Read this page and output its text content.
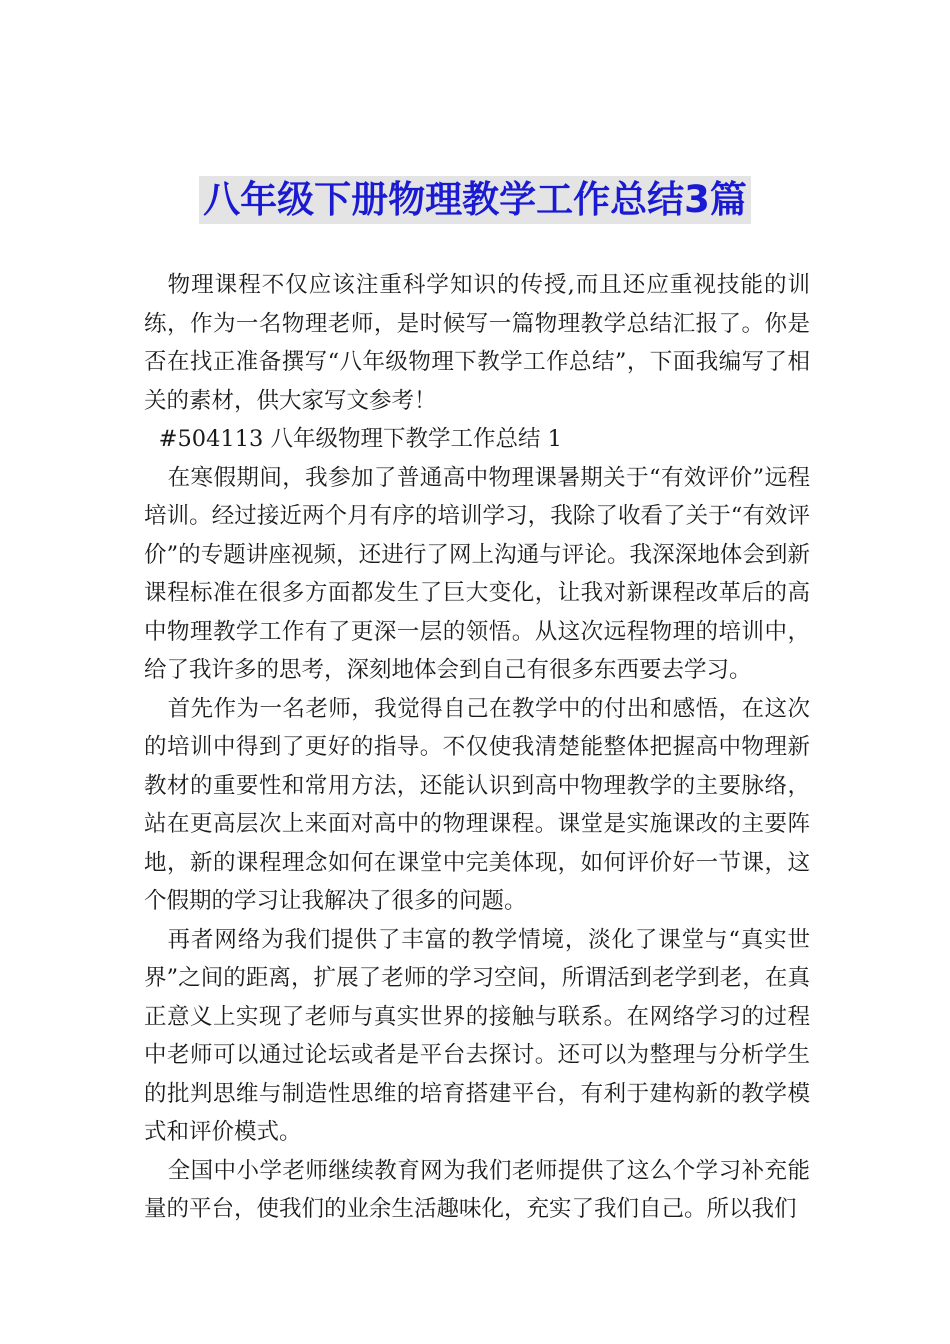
八年级下册物理教学工作总结3篇

物理课程不仅应该注重科学知识的传授,而且还应重视技能的训练，作为一名物理老师，是时候写一篇物理教学总结汇报了。你是否在找正准备撰写“八年级物理下教学工作总结”，下面我编写了相关的素材，供大家写文参考！

#504113 八年级物理下教学工作总结 1

在寒假期间，我参加了普通高中物理课暑期关于“有效评价”远程培训。经过接近两个月有序的培训学习，我除了收看了关于“有效评价”的专题讲座视频，还进行了网上沟通与评论。我深深地体会到新课程标准在很多方面都发生了巨大变化，让我对新课程改革后的高中物理教学工作有了更深一层的领悟。从这次远程物理的培训中，给了我许多的思考，深刻地体会到自己有很多东西要去学习。

首先作为一名老师，我觉得自己在教学中的付出和感悟，在这次的培训中得到了更好的指导。不仅使我清楚能整体把握高中物理新教材的重要性和常用方法，还能认识到高中物理教学的主要脉络，站在更高层次上来面对高中的物理课程。课堂是实施课改的主要阵地，新的课程理念如何在课堂中完美体现，如何评价好一节课，这个假期的学习让我解决了很多的问题。

再者网络为我们提供了丰富的教学情境，淡化了课堂与“真实世界”之间的距离，扩展了老师的学习空间，所谓活到老学到老，在真正意义上实现了老师与真实世界的接触与联系。在网络学习的过程中老师可以通过论坛或者是平台去探讨。还可以为整理与分析学生的批判思维与制造性思维的培育搭建平台，有利于建构新的教学模式和评价模式。

全国中小学老师继续教育网为我们老师提供了这么个学习补充能量的平台，使我们的业余生活趣味化，充实了我们自己。所以我们
